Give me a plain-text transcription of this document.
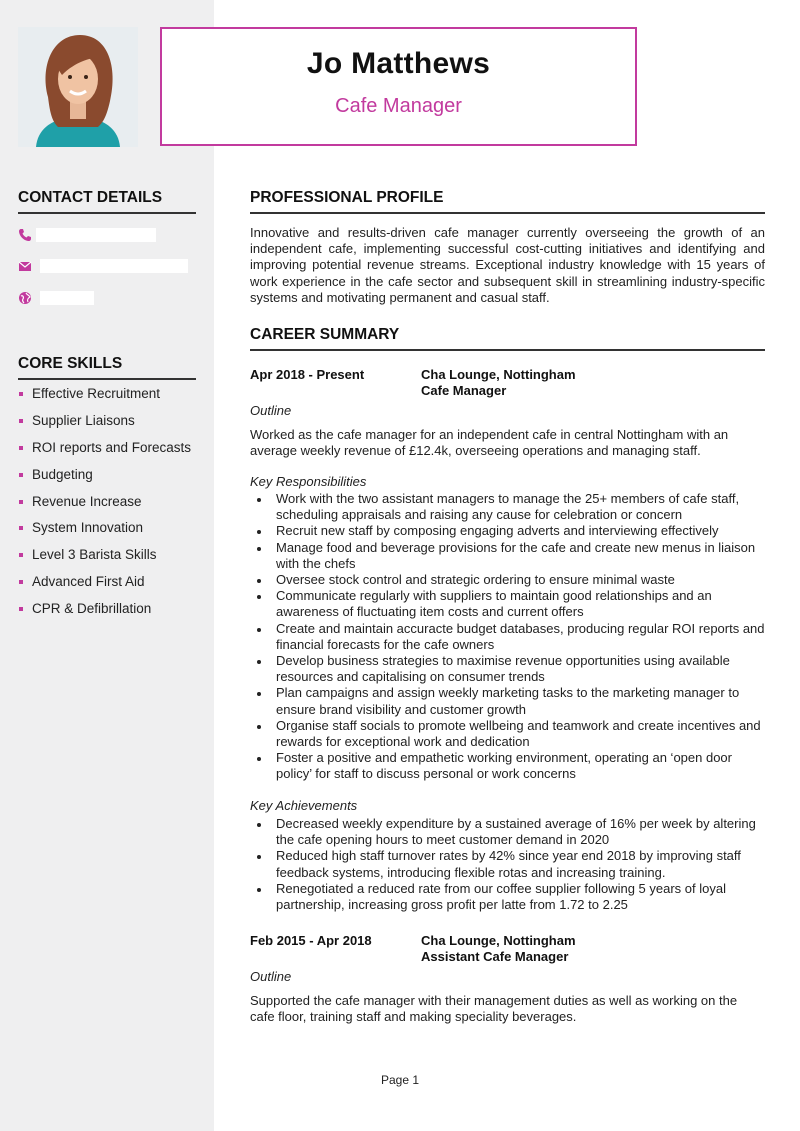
Jo Matthews
Cafe Manager
CONTACT DETAILS
CORE SKILLS
Effective Recruitment
Supplier Liaisons
ROI reports and Forecasts
Budgeting
Revenue Increase
System Innovation
Level 3 Barista Skills
Advanced First Aid
CPR & Defibrillation
PROFESSIONAL PROFILE
Innovative and results-driven cafe manager currently overseeing the growth of an independent cafe, implementing successful cost-cutting initiatives and identifying and improving potential revenue streams. Exceptional industry knowledge with 15 years of work experience in the cafe sector and subsequent skill in streamlining industry-specific systems and motivating permanent and casual staff.
CAREER SUMMARY
Apr 2018 - Present	Cha Lounge, Nottingham
Cafe Manager
Outline
Worked as the cafe manager for an independent cafe in central Nottingham with an average weekly revenue of £12.4k, overseeing operations and managing staff.
Key Responsibilities
Work with the two assistant managers to manage the 25+ members of cafe staff, scheduling appraisals and raising any cause for celebration or concern
Recruit new staff by composing engaging adverts and interviewing effectively
Manage food and beverage provisions for the cafe and create new menus in liaison with the chefs
Oversee stock control and strategic ordering to ensure minimal waste
Communicate regularly with suppliers to maintain good relationships and an awareness of fluctuating item costs and current offers
Create and maintain accuracte budget databases, producing regular ROI reports and financial forecasts for the cafe owners
Develop business strategies to maximise revenue opportunities using available resources and capitalising on consumer trends
Plan campaigns and assign weekly marketing tasks to the marketing manager to ensure brand visibility and customer growth
Organise staff socials to promote wellbeing and teamwork and create incentives and rewards for exceptional work and dedication
Foster a positive and empathetic working environment, operating an ‘open door policy’ for staff to discuss personal or work concerns
Key Achievements
Decreased weekly expenditure by a sustained average of 16% per week by altering the cafe opening hours to meet customer demand in 2020
Reduced high staff turnover rates by 42% since year end 2018 by improving staff feedback systems, introducing flexible rotas and increasing training.
Renegotiated a reduced rate from our coffee supplier following 5 years of loyal partnership, increasing gross profit per latte from 1.72 to 2.25
Feb 2015 - Apr 2018	Cha Lounge, Nottingham
Assistant Cafe Manager
Outline
Supported the cafe manager with their management duties as well as working on the cafe floor, training staff and making speciality beverages.
Page 1
